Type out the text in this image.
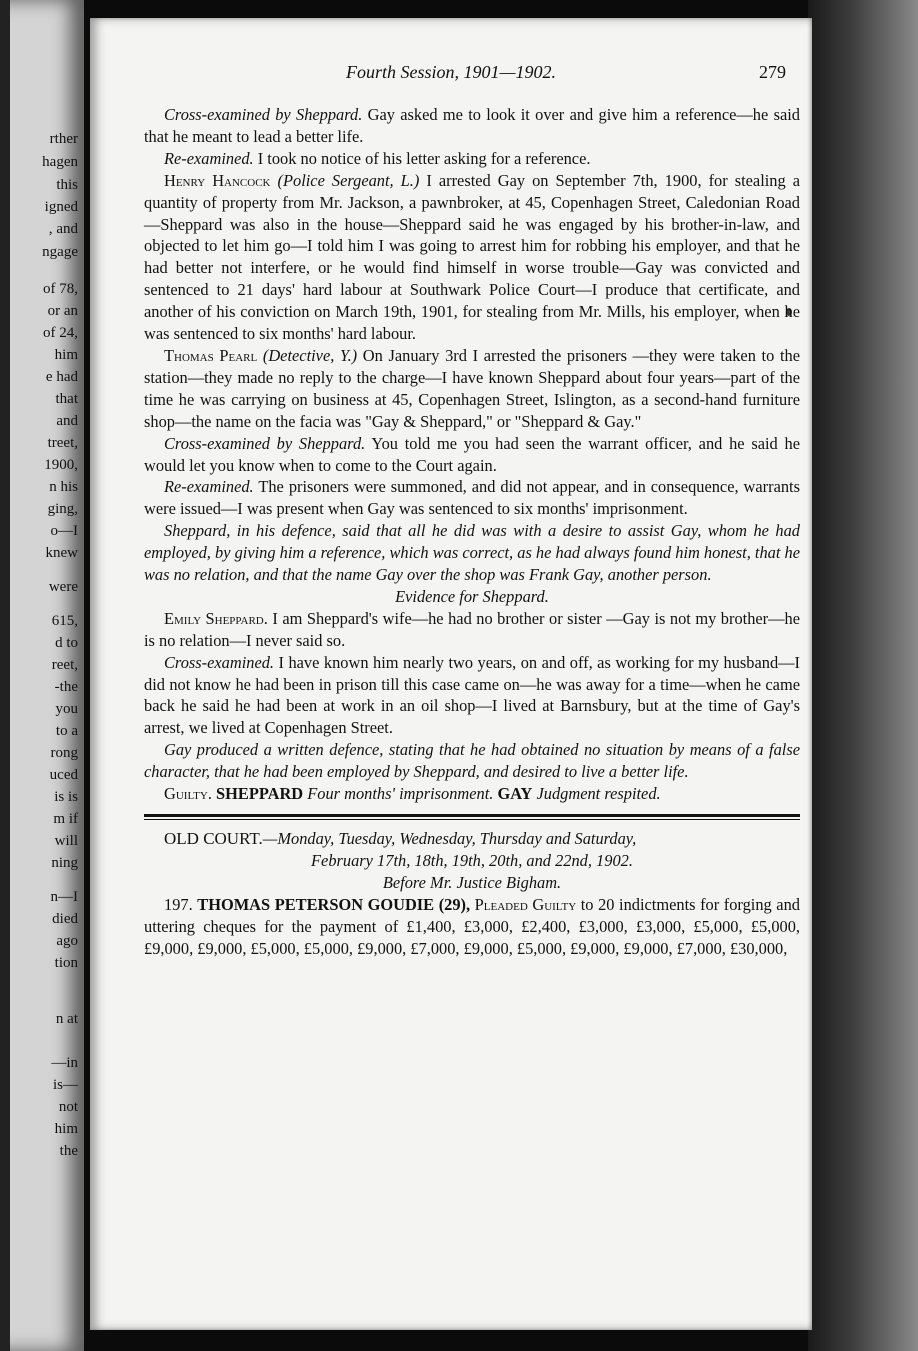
rther
hagen
this
igned
, and
ngage
of 78,
or an
of 24,
him
e had
that
and
treet,
1900,
n his
ging,
o—I
knew
were
615,
d to
reet,
-the
you
to a
rong
uced
is is
m if
will
ning
n—I
died
ago
tion
n at
—in
is—
not
him
the
Fourth Session, 1901—1902.	279

Cross-examined by Sheppard. Gay asked me to look it over and give him a reference—he said that he meant to lead a better life.

Re-examined. I took no notice of his letter asking for a reference.

Henry Hancock (Police Sergeant, L.) I arrested Gay on September 7th, 1900, for stealing a quantity of property from Mr. Jackson, a pawnbroker, at 45, Copenhagen Street, Caledonian Road—Sheppard was also in the house—Sheppard said he was engaged by his brother-in-law, and objected to let him go—I told him I was going to arrest him for robbing his employer, and that he had better not interfere, or he would find himself in worse trouble—Gay was convicted and sentenced to 21 days' hard labour at Southwark Police Court—I produce that certificate, and another of his conviction on March 19th, 1901, for stealing from Mr. Mills, his employer, when he was sentenced to six months' hard labour.

Thomas Pearl (Detective, Y.) On January 3rd I arrested the prisoners —they were taken to the station—they made no reply to the charge—I have known Sheppard about four years—part of the time he was carrying on business at 45, Copenhagen Street, Islington, as a second-hand furniture shop—the name on the facia was "Gay & Sheppard," or "Sheppard & Gay."

Cross-examined by Sheppard. You told me you had seen the warrant officer, and he said he would let you know when to come to the Court again.

Re-examined. The prisoners were summoned, and did not appear, and in consequence, warrants were issued—I was present when Gay was sentenced to six months' imprisonment.

Sheppard, in his defence, said that all he did was with a desire to assist Gay, whom he had employed, by giving him a reference, which was correct, as he had always found him honest, that he was no relation, and that the name Gay over the shop was Frank Gay, another person.

Evidence for Sheppard.

Emily Sheppard. I am Sheppard's wife—he had no brother or sister —Gay is not my brother—he is no relation—I never said so.

Cross-examined. I have known him nearly two years, on and off, as working for my husband—I did not know he had been in prison till this case came on—he was away for a time—when he came back he said he had been at work in an oil shop—I lived at Barnsbury, but at the time of Gay's arrest, we lived at Copenhagen Street.

Gay produced a written defence, stating that he had obtained no situation by means of a false character, that he had been employed by Sheppard, and desired to live a better life.

Guilty. SHEPPARD Four months' imprisonment. GAY Judgment respited.

OLD COURT.—Monday, Tuesday, Wednesday, Thursday and Saturday,

February 17th, 18th, 19th, 20th, and 22nd, 1902.

Before Mr. Justice Bigham.

197. THOMAS PETERSON GOUDIE (29), Pleaded Guilty to 20 indictments for forging and uttering cheques for the payment of £1,400, £3,000, £2,400, £3,000, £3,000, £5,000, £5,000, £9,000, £9,000, £5,000, £5,000, £9,000, £7,000, £9,000, £5,000, £9,000, £9,000, £7,000, £30,000,
